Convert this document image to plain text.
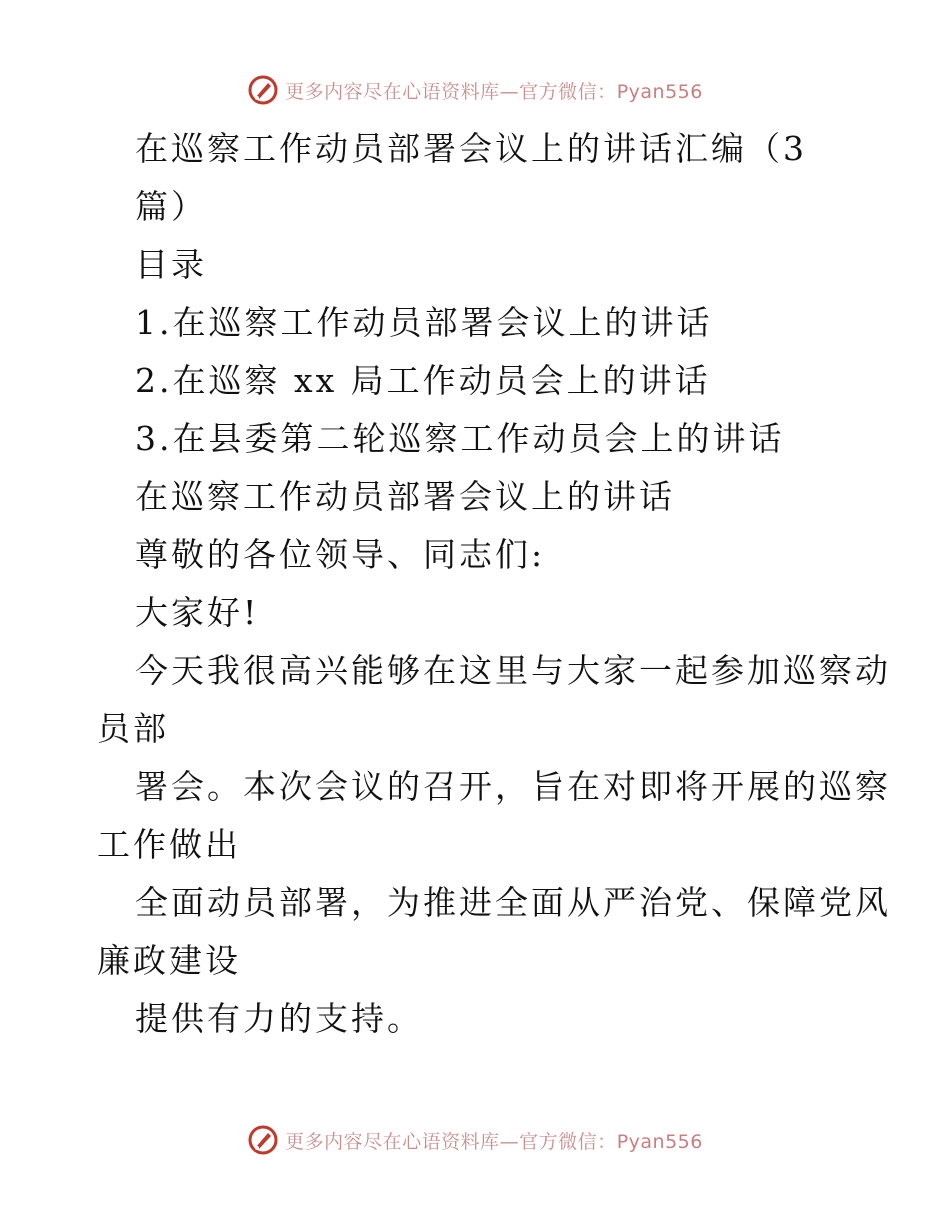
更多内容尽在心语资料库—官方微信：Pyan556
在巡察工作动员部署会议上的讲话汇编（3
篇）
目录
1.在巡察工作动员部署会议上的讲话
2.在巡察 xx 局工作动员会上的讲话
3.在县委第二轮巡察工作动员会上的讲话
在巡察工作动员部署会议上的讲话
尊敬的各位领导、同志们:
大家好!
今天我很高兴能够在这里与大家一起参加巡察动
员部
署会。本次会议的召开，旨在对即将开展的巡察
工作做出
全面动员部署，为推进全面从严治党、保障党风
廉政建设
提供有力的支持。
更多内容尽在心语资料库—官方微信：Pyan556
